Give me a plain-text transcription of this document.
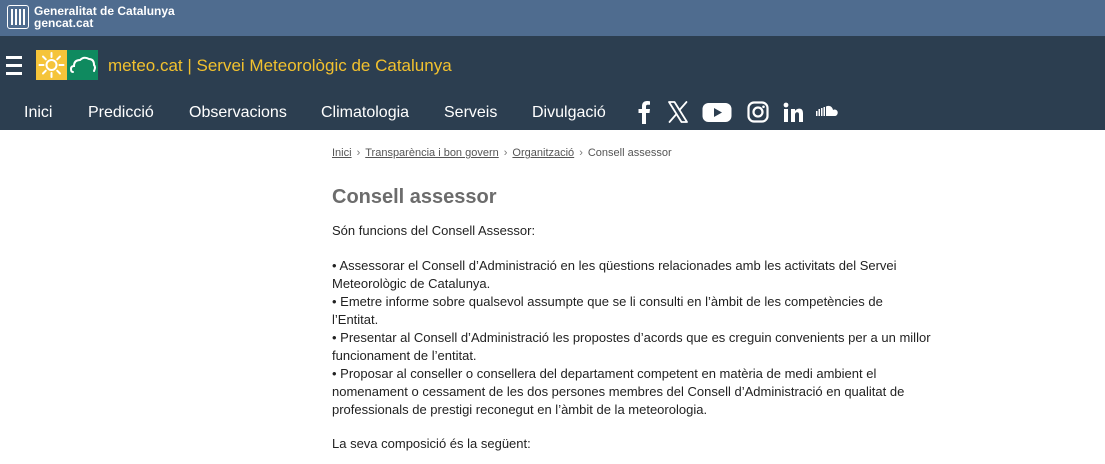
Generalitat de Catalunya
gencat.cat
meteo.cat | Servei Meteorològic de Catalunya
Inici Predicció Observacions Climatologia Serveis Divulgació
Inici › Transparència i bon govern › Organització › Consell assessor
Consell assessor
Són funcions del Consell Assessor:

• Assessorar el Consell d’Administració en les qüestions relacionades amb les activitats del Servei Meteorològic de Catalunya.

• Emetre informe sobre qualsevol assumpte que se li consulti en l’àmbit de les competències de l’Entitat.

• Presentar al Consell d’Administració les propostes d’acords que es creguin convenients per a un millor funcionament de l’entitat.

• Proposar al conseller o consellera del departament competent en matèria de medi ambient el nomenament o cessament de les dos persones membres del Consell d’Administració en qualitat de professionals de prestigi reconegut en l’àmbit de la meteorologia.

La seva composició és la següent:
